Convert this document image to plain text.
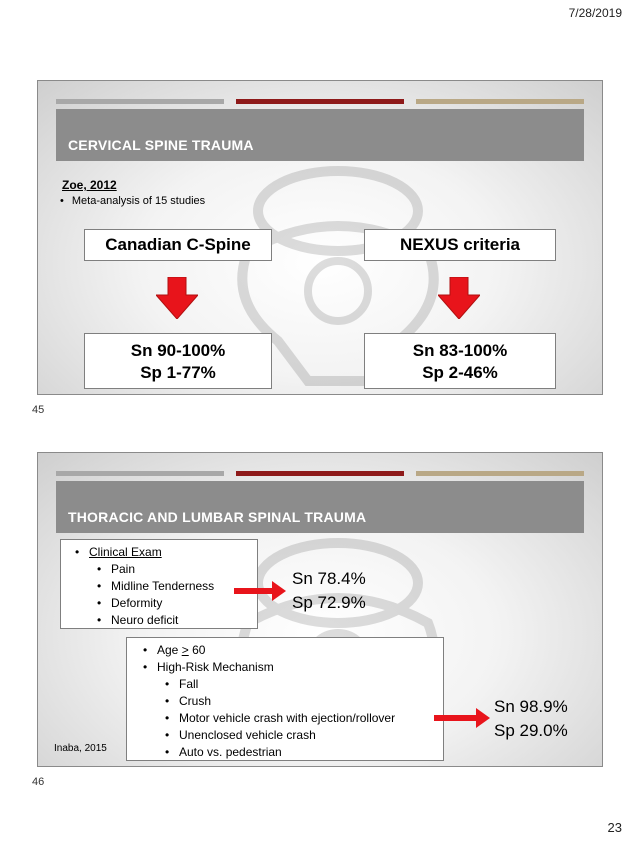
7/28/2019
CERVICAL SPINE TRAUMA
Zoe, 2012
• Meta-analysis of 15 studies
Canadian C-Spine	NEXUS criteria
Sn 90-100%
Sp 1-77%
Sn 83-100%
Sp 2-46%
45
THORACIC AND LUMBAR SPINAL TRAUMA
• Clinical Exam
• Pain
• Midline Tenderness
• Deformity
• Neuro deficit
Sn 78.4%
Sp 72.9%
• Age > 60
• High-Risk Mechanism
• Fall
• Crush
• Motor vehicle crash with ejection/rollover
• Unenclosed vehicle crash
• Auto vs. pedestrian
Sn 98.9%
Sp 29.0%
Inaba, 2015
46
23
